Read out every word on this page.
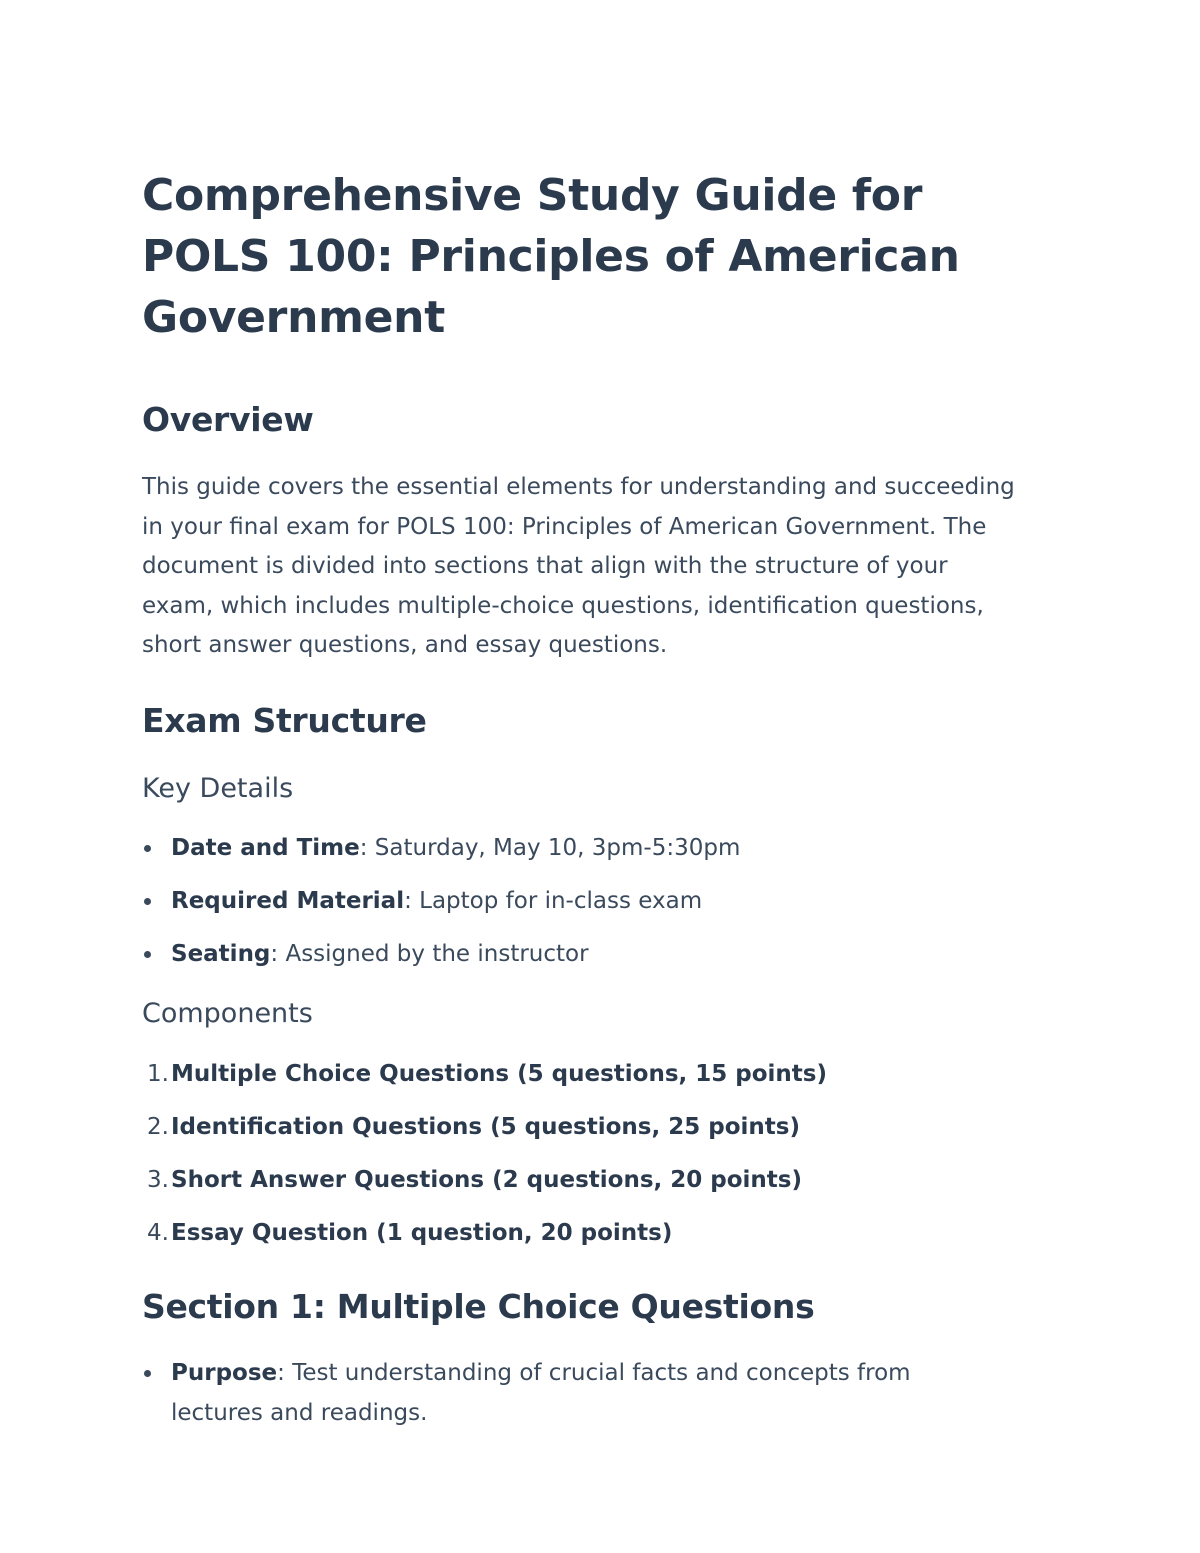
Comprehensive Study Guide for POLS 100: Principles of American Government
Overview

This guide covers the essential elements for understanding and succeeding in your final exam for POLS 100: Principles of American Government. The document is divided into sections that align with the structure of your exam, which includes multiple-choice questions, identification questions, short answer questions, and essay questions.

Exam Structure
Key Details
Date and Time: Saturday, May 10, 3pm-5:30pm
Required Material: Laptop for in-class exam
Seating: Assigned by the instructor
Components
1. Multiple Choice Questions (5 questions, 15 points)
2. Identification Questions (5 questions, 25 points)
3. Short Answer Questions (2 questions, 20 points)
4. Essay Question (1 question, 20 points)
Section 1: Multiple Choice Questions
Purpose: Test understanding of crucial facts and concepts from lectures and readings.
